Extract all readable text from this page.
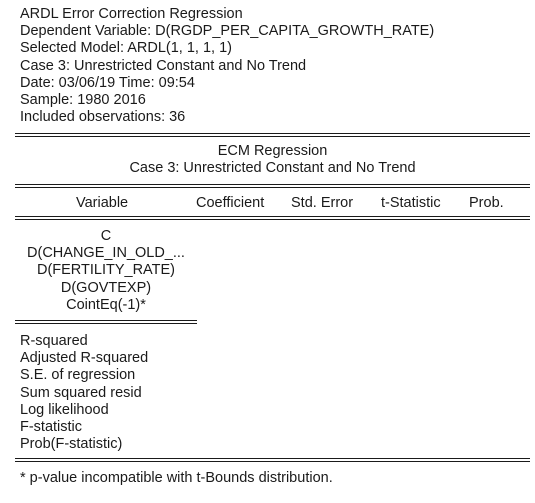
ARDL Error Correction Regression
Dependent Variable: D(RGDP_PER_CAPITA_GROWTH_RATE)
Selected Model: ARDL(1, 1, 1, 1)
Case 3: Unrestricted Constant and No Trend
Date: 03/06/19 Time: 09:54
Sample: 1980 2016
Included observations: 36
ECM Regression
Case 3: Unrestricted Constant and No Trend
Variable	Coefficient Std. Error t-Statistic Prob.
C
D(CHANGE_IN_OLD_...
D(FERTILITY_RATE)
D(GOVTEXP)
CointEq(-1)*
R-squared
Adjusted R-squared
S.E. of regression
Sum squared resid
Log likelihood
F-statistic
Prob(F-statistic)
* p-value incompatible with t-Bounds distribution.
